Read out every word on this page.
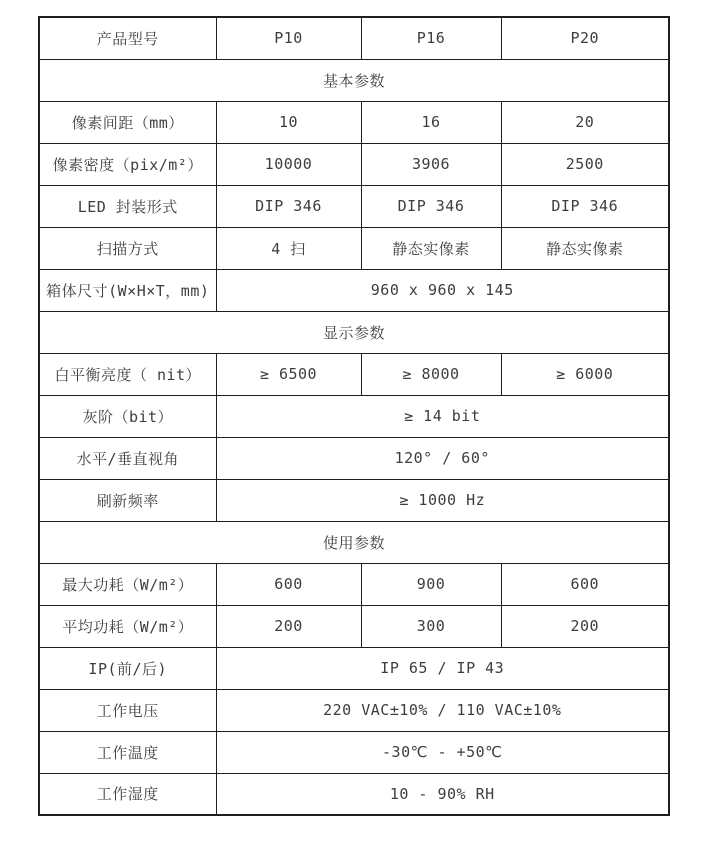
产品型号	P10	P16	P20
基本参数			
像素间距（mm）	10	16	20
像素密度（pix/m²）	10000	3906	2500
LED 封装形式	DIP 346	DIP 346	DIP 346
扫描方式	4 扫	静态实像素	静态实像素
箱体尺寸(W×H×T，mm)	960 x 960 x 145		
显示参数			
白平衡亮度（ nit）	≥ 6500	≥ 8000	≥ 6000
灰阶（bit）	≥ 14 bit		
水平/垂直视角	120° / 60°		
刷新频率	≥ 1000 Hz		
使用参数			
最大功耗（W/m²）	600	900	600
平均功耗（W/m²）	200	300	200
IP(前/后)	IP 65 / IP 43		
工作电压	220 VAC±10% / 110 VAC±10%		
工作温度	-30℃ - +50℃		
工作湿度	10 - 90% RH		
